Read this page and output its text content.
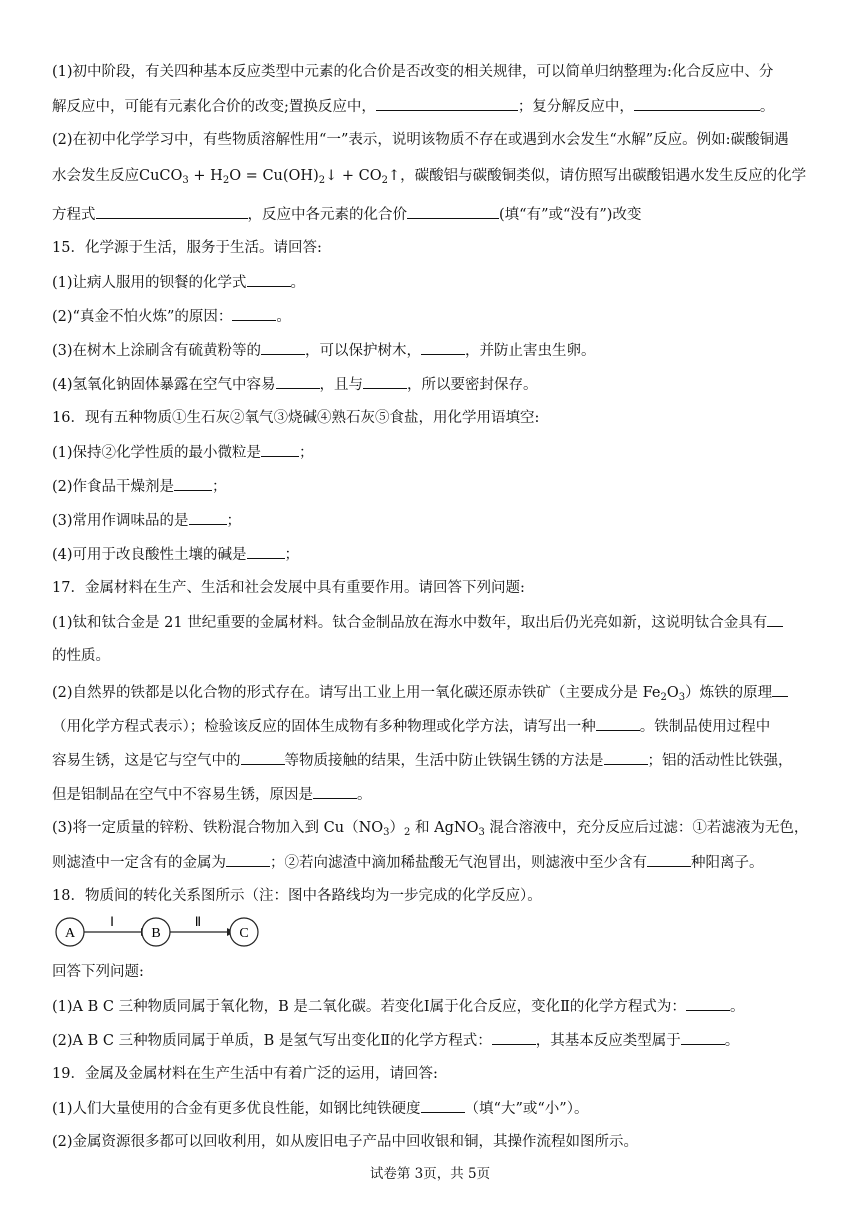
(1)初中阶段，有关四种基本反应类型中元素的化合价是否改变的相关规律，可以简单归纳整理为:化合反应中、分
解反应中，可能有元素化合价的改变;置换反应中，	；复分解反应中，	。
(2)在初中化学学习中，有些物质溶解性用“一”表示，说明该物质不存在或遇到水会发生“水解”反应。例如:碳酸铜遇
水会发生反应CuCO$_3$ + $H_2O$ = $Cu(OH)_2↓$ + $CO_2↑$，碳酸铝与碳酸铜类似，请仿照写出碳酸铝遇水发生反应的化学
方程式	，反应中各元素的化合价	(填“有”或“没有”)改变
15．化学源于生活，服务于生活。请回答:
(1)让病人服用的钡餐的化学式	。
(2)“真金不怕火炼”的原因：	。
(3)在树木上涂刷含有硫黄粉等的	，可以保护树木，	，并防止害虫生卵。
(4)氢氧化钠固体暴露在空气中容易	，且与	，所以要密封保存。
16．现有五种物质①生石灰②氧气③烧碱④熟石灰⑤食盐，用化学用语填空:
(1)保持②化学性质的最小微粒是	；
(2)作食品干燥剂是	；
(3)常用作调味品的是	；
(4)可用于改良酸性土壤的碱是	；
17．金属材料在生产、生活和社会发展中具有重要作用。请回答下列问题:
(1)钛和钛合金是 21 世纪重要的金属材料。钛合金制品放在海水中数年，取出后仍光亮如新，这说明钛合金具有
的性质。
(2)自然界的铁都是以化合物的形式存在。请写出工业上用一氧化碳还原赤铁矿（主要成分是 $Fe_2O_3$）炼铁的原理
（用化学方程式表示）；检验该反应的固体生成物有多种物理或化学方法，请写出一种	。铁制品使用过程中
容易生锈，这是它与空气中的	等物质接触的结果，生活中防止铁锅生锈的方法是	；铝的活动性比铁强，
但是铝制品在空气中不容易生锈，原因是	。
(3)将一定质量的锌粉、铁粉混合物加入到 $Cu(NO_3)_2$ 和 AgNO$_3$ 混合溶液中，充分反应后过滤：①若滤液为无色，
则滤渣中一定含有的金属为	；②若向滤渣中滴加稀盐酸无气泡冒出，则滤液中至少含有	种阳离子。
18．物质间的转化关系图所示（注：图中各路线均为一步完成的化学反应）。
A
Ⅰ
B
Ⅱ
C
回答下列问题:
(1)A B C 三种物质同属于氧化物，B 是二氧化碳。若变化Ⅰ属于化合反应，变化Ⅱ的化学方程式为：	。
(2)A B C 三种物质同属于单质，B 是氢气写出变化Ⅱ的化学方程式：	，其基本反应类型属于	。
19．金属及金属材料在生产生活中有着广泛的运用，请回答:
(1)人们大量使用的合金有更多优良性能，如钢比纯铁硬度	（填“大”或“小”）。
(2)金属资源很多都可以回收利用，如从废旧电子产品中回收银和铜，其操作流程如图所示。
试卷第 3页，共 5页
